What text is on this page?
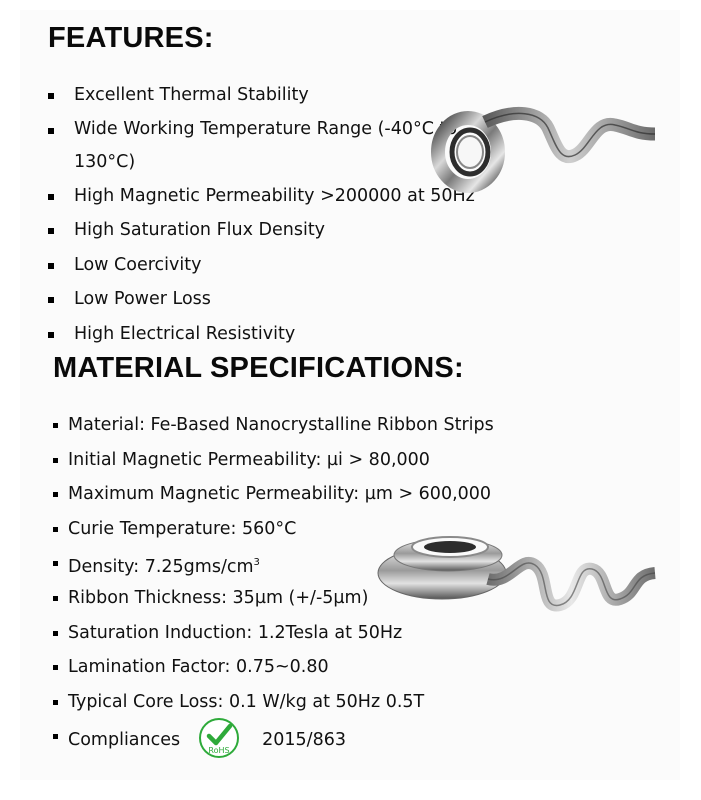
FEATURES:
Excellent Thermal Stability
Wide Working Temperature Range (-40°C to 130°C)
High Magnetic Permeability >200000 at 50Hz
High Saturation Flux Density
Low Coercivity
Low Power Loss
High Electrical Resistivity
MATERIAL SPECIFICATIONS:
Material: Fe-Based Nanocrystalline Ribbon Strips
Initial Magnetic Permeability: µi > 80,000
Maximum Magnetic Permeability: µm > 600,000
Curie Temperature: 560°C
Density: $7.25gms/cm^3$
Ribbon Thickness: 35µm (+/-5µm)
Saturation Induction: 1.2Tesla at 50Hz
Lamination Factor: 0.75~0.80
Typical Core Loss: 0.1 W/kg at 50Hz 0.5T
Compliances
RoHS
2015/863
